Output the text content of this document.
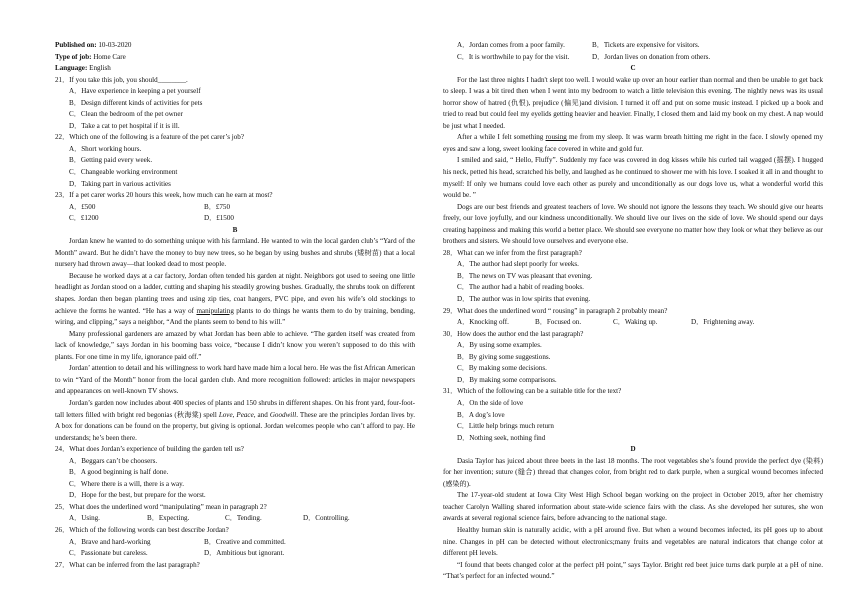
Published on: 10-03-2020

Type of job: Home Care

Language: English

21．If you take this job, you should________.

A．Have experience in keeping a pet yourself

B．Design different kinds of activities for pets

C．Clean the bedroom of the pet owner

D．Take a cat to pet hospital if it is ill.

22．Which one of the following is a feature of the pet carer’s job?

A．Short working hours.

B．Getting paid every week.

C．Changeable working environment

D．Taking part in various activities

23．If a pet carer works 20 hours this week, how much can he earn at most?

A．£500	B．£750
C．£1200	D．£1500

B

Jordan knew he wanted to do something unique with his farmland. He wanted to win the local garden club’s “Yard of the Month” award. But he didn’t have the money to buy new trees, so he began by using bushes and shrubs (矮树苗) that a local nursery had thrown away—that looked dead to most people.

Because he worked days at a car factory, Jordan often tended his garden at night. Neighbors got used to seeing one little headlight as Jordan stood on a ladder, cutting and shaping his steadily growing bushes. Gradually, the shrubs took on different shapes. Jordan then began planting trees and using zip ties, coat hangers, PVC pipe, and even his wife’s old stockings to achieve the forms he wanted. “He has a way of manipulating plants to do things he wants them to do by training, bending, wiring, and clipping,” says a neighbor, “And the plants seem to bend to his will.”

Many professional gardeners are amazed by what Jordan has been able to achieve. “The garden itself was created from lack of knowledge,” says Jordan in his booming bass voice, “because I didn’t know you weren’t supposed to do this with plants. For one time in my life, ignorance paid off.”

Jordan’ attention to detail and his willingness to work hard have made him a local hero. He was the fist African American to win “Yard of the Month” honor from the local garden club. And more recognition followed: articles in major newspapers and appearances on well-known TV shows.

Jordan’s garden now includes about 400 species of plants and 150 shrubs in different shapes. On his front yard, four-foot-tall letters filled with bright red begonias (秋海棠) spell Love, Peace, and Goodwill. These are the principles Jordan lives by. A box for donations can be found on the property, but giving is optional. Jordan welcomes people who can’t afford to pay. He understands; he’s been there.

24．What does Jordan’s experience of building the garden tell us?

A．Beggars can’t be choosers.

B．A good beginning is half done.

C．Where there is a will, there is a way.

D．Hope for the best, but prepare for the worst.

25．What does the underlined word “manipulating” mean in paragraph 2?

A．Using.	B．Expecting.	C．Tending.	D．Controlling.

26．Which of the following words can best describe Jordan?

A．Brave and hard-working	B．Creative and committed.
C．Passionate but careless.	D．Ambitious but ignorant.

27．What can be inferred from the last paragraph?

A．Jordan comes from a poor family.	B．Tickets are expensive for visitors.
C．It is worthwhile to pay for the visit.	D．Jordan lives on donation from others.

C

For the last three nights I hadn't slept too well. I would wake up over an hour earlier than normal and then be unable to get back to sleep. I was a bit tired then when I went into my bedroom to watch a little television this evening. The nightly news was its usual horror show of hatred (仇恨), prejudice (偏见)and division. I turned it off and put on some music instead. I picked up a book and tried to read but could feel my eyelids getting heavier and heavier. Finally, I closed them and laid my book on my chest. A nap would be just what I needed.

After a while I felt something rousing me from my sleep. It was warm breath hitting me right in the face. I slowly opened my eyes and saw a long, sweet looking face covered in white and gold fur.

I smiled and said, “ Hello, Fluffy”. Suddenly my face was covered in dog kisses while his curled tail wagged (摇摆). I hugged his neck, petted his head, scratched his belly, and laughed as he continued to shower me with his love. I soaked it all in and thought to myself: If only we humans could love each other as purely and unconditionally as our dogs love us, what a wonderful world this would be. ”

Dogs are our best friends and greatest teachers of love. We should not ignore the lessons they teach. We should give our hearts freely, our love joyfully, and our kindness unconditionally. We should live our lives on the side of love. We should spend our days creating happiness and making this world a better place. We should see everyone no matter how they look or what they believe as our brothers and sisters. We should love ourselves and everyone else.

28．What can we infer from the first paragraph?

A．The author had slept poorly for weeks.

B．The news on TV was pleasant that evening.

C．The author had a habit of reading books.

D．The author was in low spirits that evening.

29．What does the underlined word “ rousing” in paragraph 2 probably mean?

A．Knocking off.	B．Focused on.	C．Waking up.	D．Frightening away.

30．How does the author end the last paragraph?

A．By using some examples.

B．By giving some suggestions.

C．By making some decisions.

D．By making some comparisons.

31．Which of the following can be a suitable title for the text?

A．On the side of love

B．A dog’s love

C．Little help brings much return

D．Nothing seek, nothing find

D

Dasia Taylor has juiced about three beets in the last 18 months. The root vegetables she’s found provide the perfect dye (染料) for her invention; suture (缝合) thread that changes color, from bright red to dark purple, when a surgical wound becomes infected (感染的).

The 17-year-old student at Iowa City West High School began working on the project in October 2019, after her chemistry teacher Carolyn Walling shared information about state-wide science fairs with the class. As she developed her sutures, she won awards at several regional science fairs, before advancing to the national stage.

Healthy human skin is naturally acidic, with a pH around five. But when a wound becomes infected, its pH goes up to about nine. Changes in pH can be detected without electronics;many fruits and vegetables are natural indicators that change color at different pH levels.

“I found that beets changed color at the perfect pH point,” says Taylor. Bright red beet juice turns dark purple at a pH of nine. “That’s perfect for an infected wound.”
